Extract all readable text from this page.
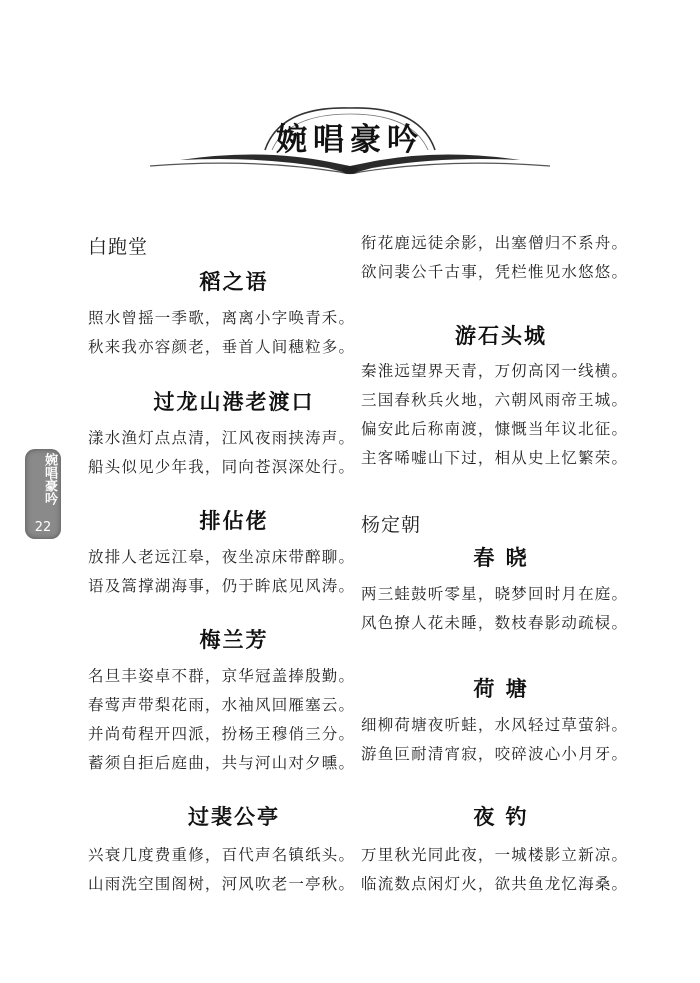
婉唱豪吟
婉唱豪吟
22
白跑堂
稻之语
照水曾摇一季歌，离离小字唤青禾。
秋来我亦容颜老，垂首人间穗粒多。
过龙山港老渡口
漾水渔灯点点清，江风夜雨挟涛声。
船头似见少年我，同向苍溟深处行。
排佔佬
放排人老远江皋，夜坐凉床带醉聊。
语及篙撑湖海事，仍于眸底见风涛。
梅兰芳
名旦丰姿卓不群，京华冠盖捧殷勤。
春莺声带梨花雨，水袖风回雁塞云。
并尚荀程开四派，扮杨王穆俏三分。
蓄须自拒后庭曲，共与河山对夕曛。
过裴公亭
兴衰几度费重修，百代声名镇纸头。
山雨洗空围阁树，河风吹老一亭秋。
衔花鹿远徒余影，出塞僧归不系舟。
欲问裴公千古事，凭栏惟见水悠悠。
游石头城
秦淮远望界天青，万仞高冈一线横。
三国春秋兵火地，六朝风雨帝王城。
偏安此后称南渡，慷慨当年议北征。
主客唏嘘山下过，相从史上忆繁荣。
杨定朝
春 晓
两三蛙鼓听零星，晓梦回时月在庭。
风色撩人花未睡，数枝春影动疏棂。
荷 塘
细柳荷塘夜听蛙，水风轻过草萤斜。
游鱼叵耐清宵寂，咬碎波心小月牙。
夜 钓
万里秋光同此夜，一城楼影立新凉。
临流数点闲灯火，欲共鱼龙忆海桑。
